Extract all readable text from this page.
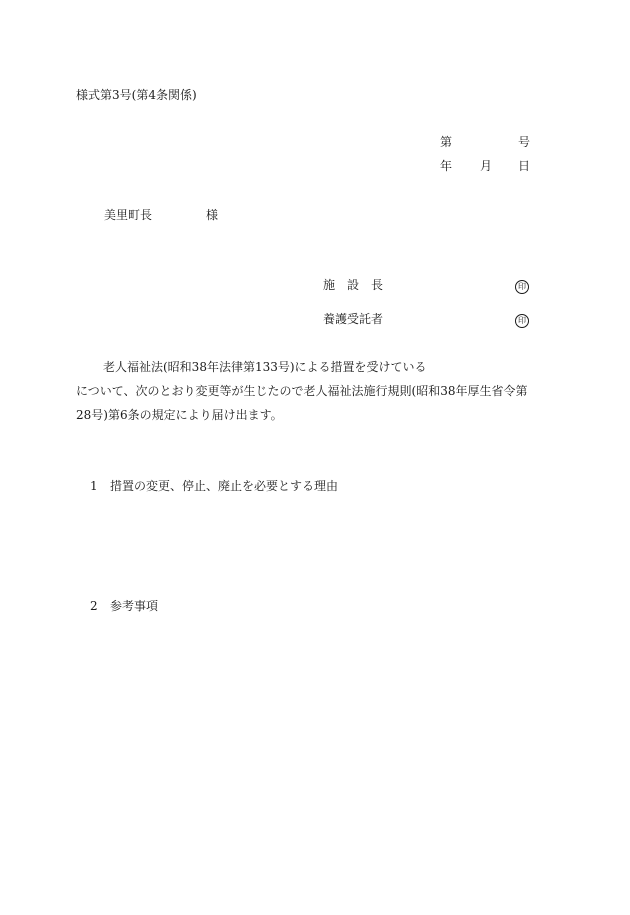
様式第3号(第4条関係)
第	号
年 月 日
美里町長	様
施　設　長	印
養護受託者	印
老人福祉法(昭和38年法律第133号)による措置を受けている
について、次のとおり変更等が生じたので老人福祉法施行規則(昭和38年厚生省令第
28号)第6条の規定により届け出ます。
1 措置の変更、停止、廃止を必要とする理由
2 参考事項
